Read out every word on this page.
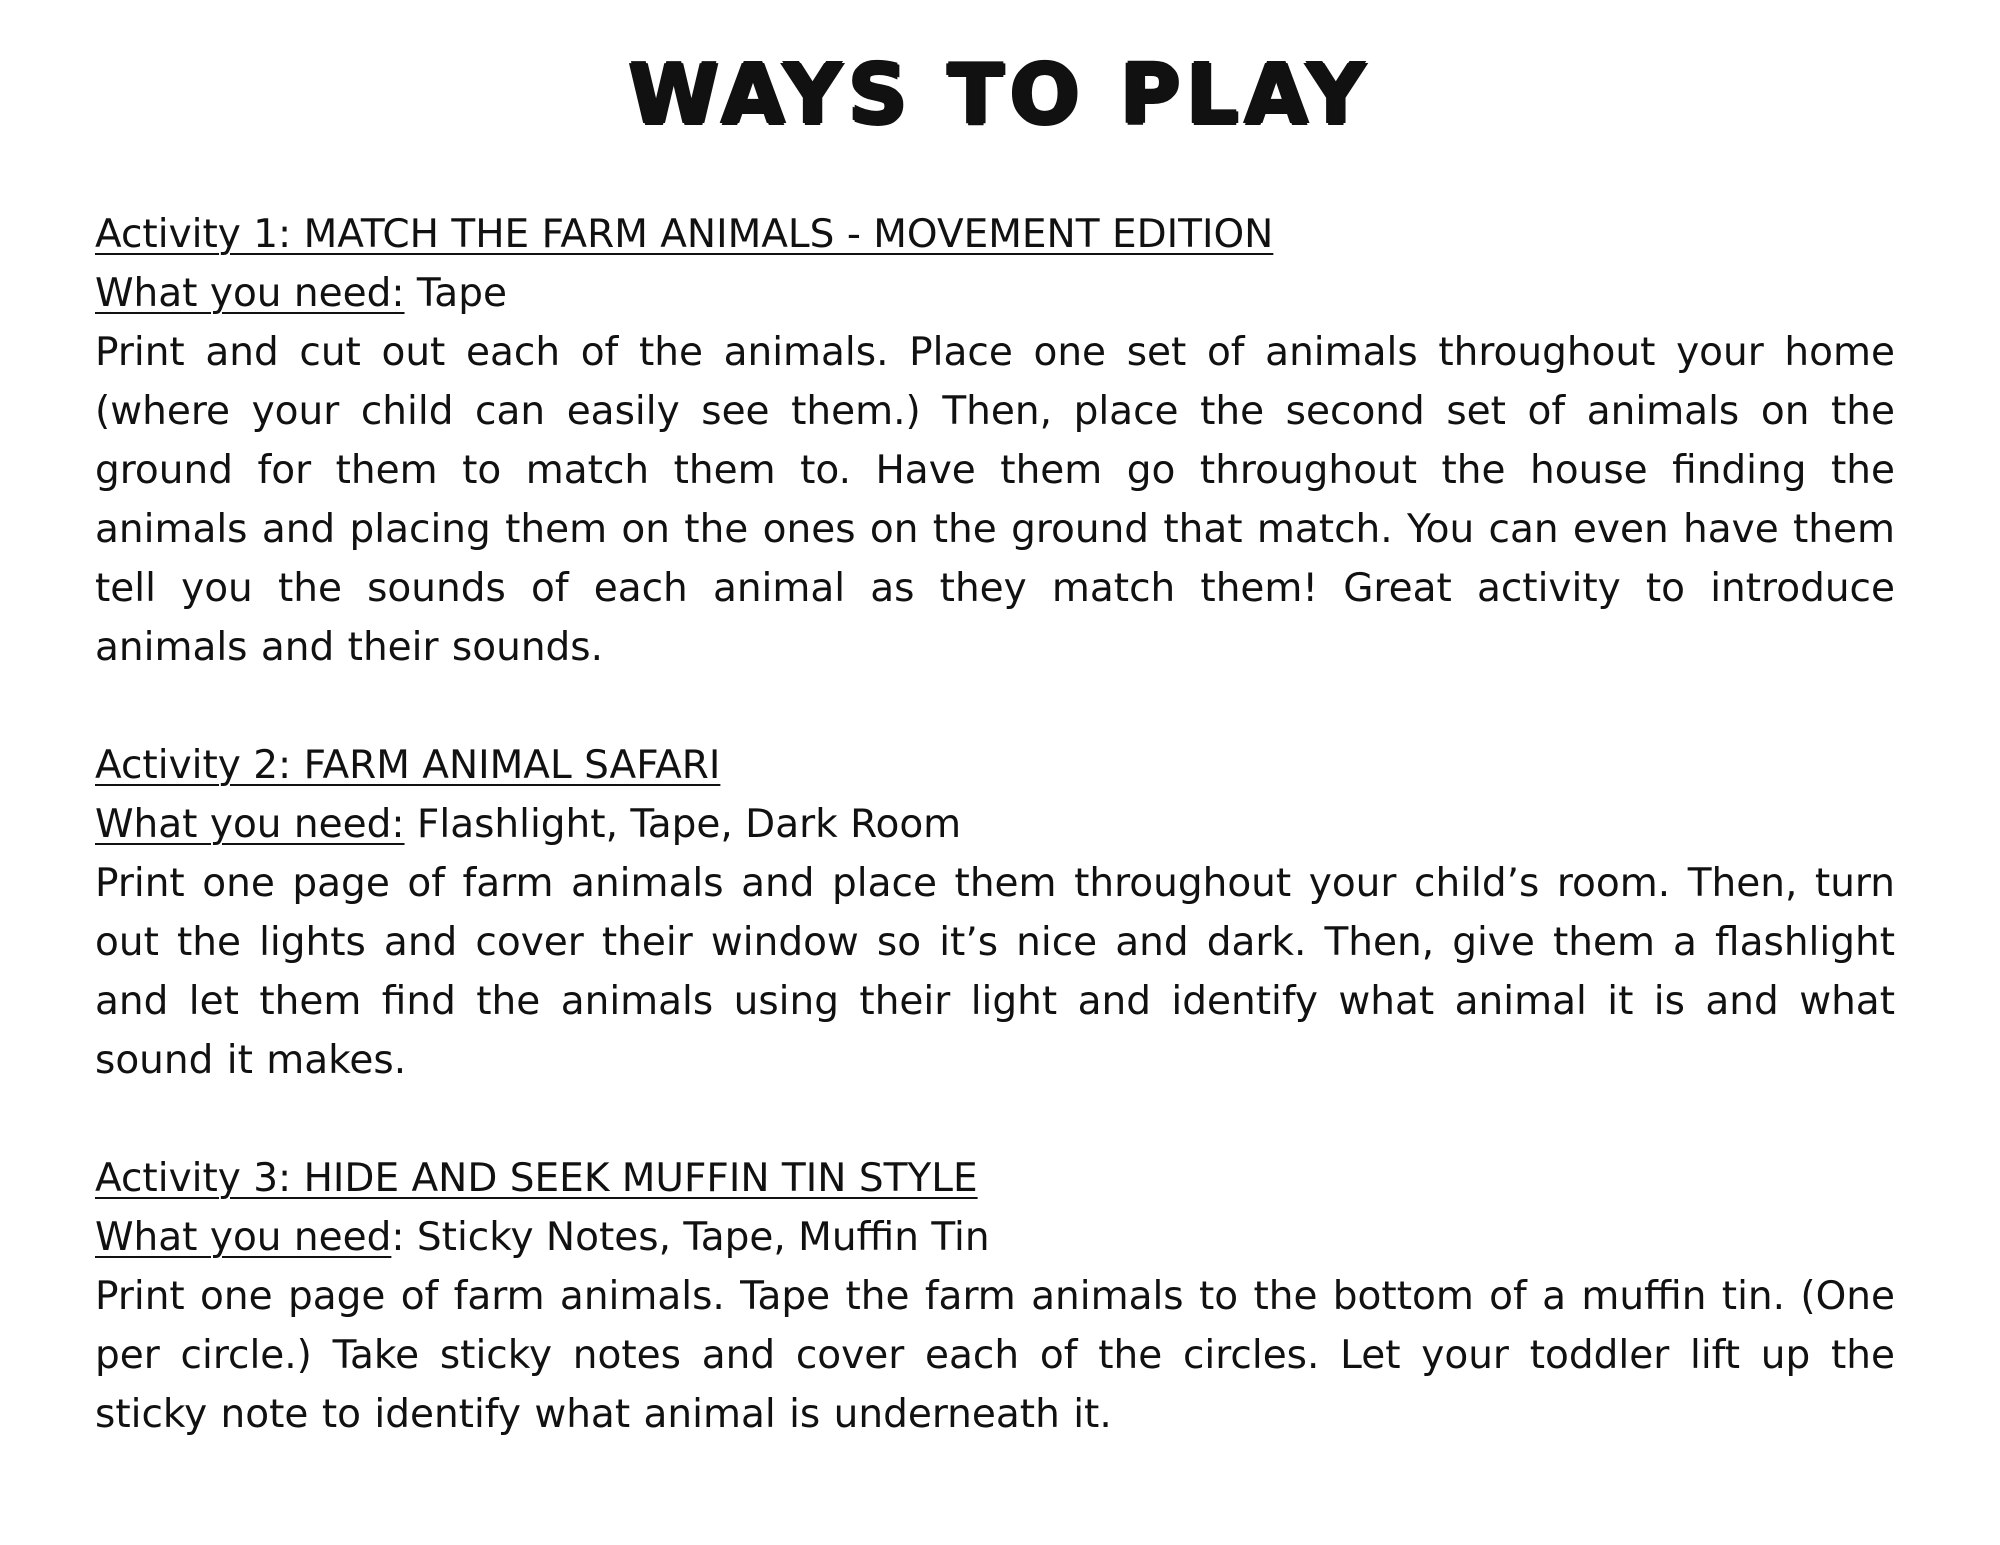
WAYS TO PLAY
Activity 1: MATCH THE FARM ANIMALS - MOVEMENT EDITION
What you need: Tape
Print and cut out each of the animals. Place one set of animals throughout your home (where your child can easily see them.) Then, place the second set of animals on the ground for them to match them to. Have them go throughout the house finding the animals and placing them on the ones on the ground that match. You can even have them tell you the sounds of each animal as they match them! Great activity to introduce animals and their sounds.
Activity 2: FARM ANIMAL SAFARI
What you need: Flashlight, Tape, Dark Room
Print one page of farm animals and place them throughout your child’s room. Then, turn out the lights and cover their window so it’s nice and dark. Then, give them a flashlight and let them find the animals using their light and identify what animal it is and what sound it makes.
Activity 3: HIDE AND SEEK MUFFIN TIN STYLE
What you need: Sticky Notes, Tape, Muffin Tin
Print one page of farm animals. Tape the farm animals to the bottom of a muffin tin. (One per circle.) Take sticky notes and cover each of the circles. Let your toddler lift up the sticky note to identify what animal is underneath it.
